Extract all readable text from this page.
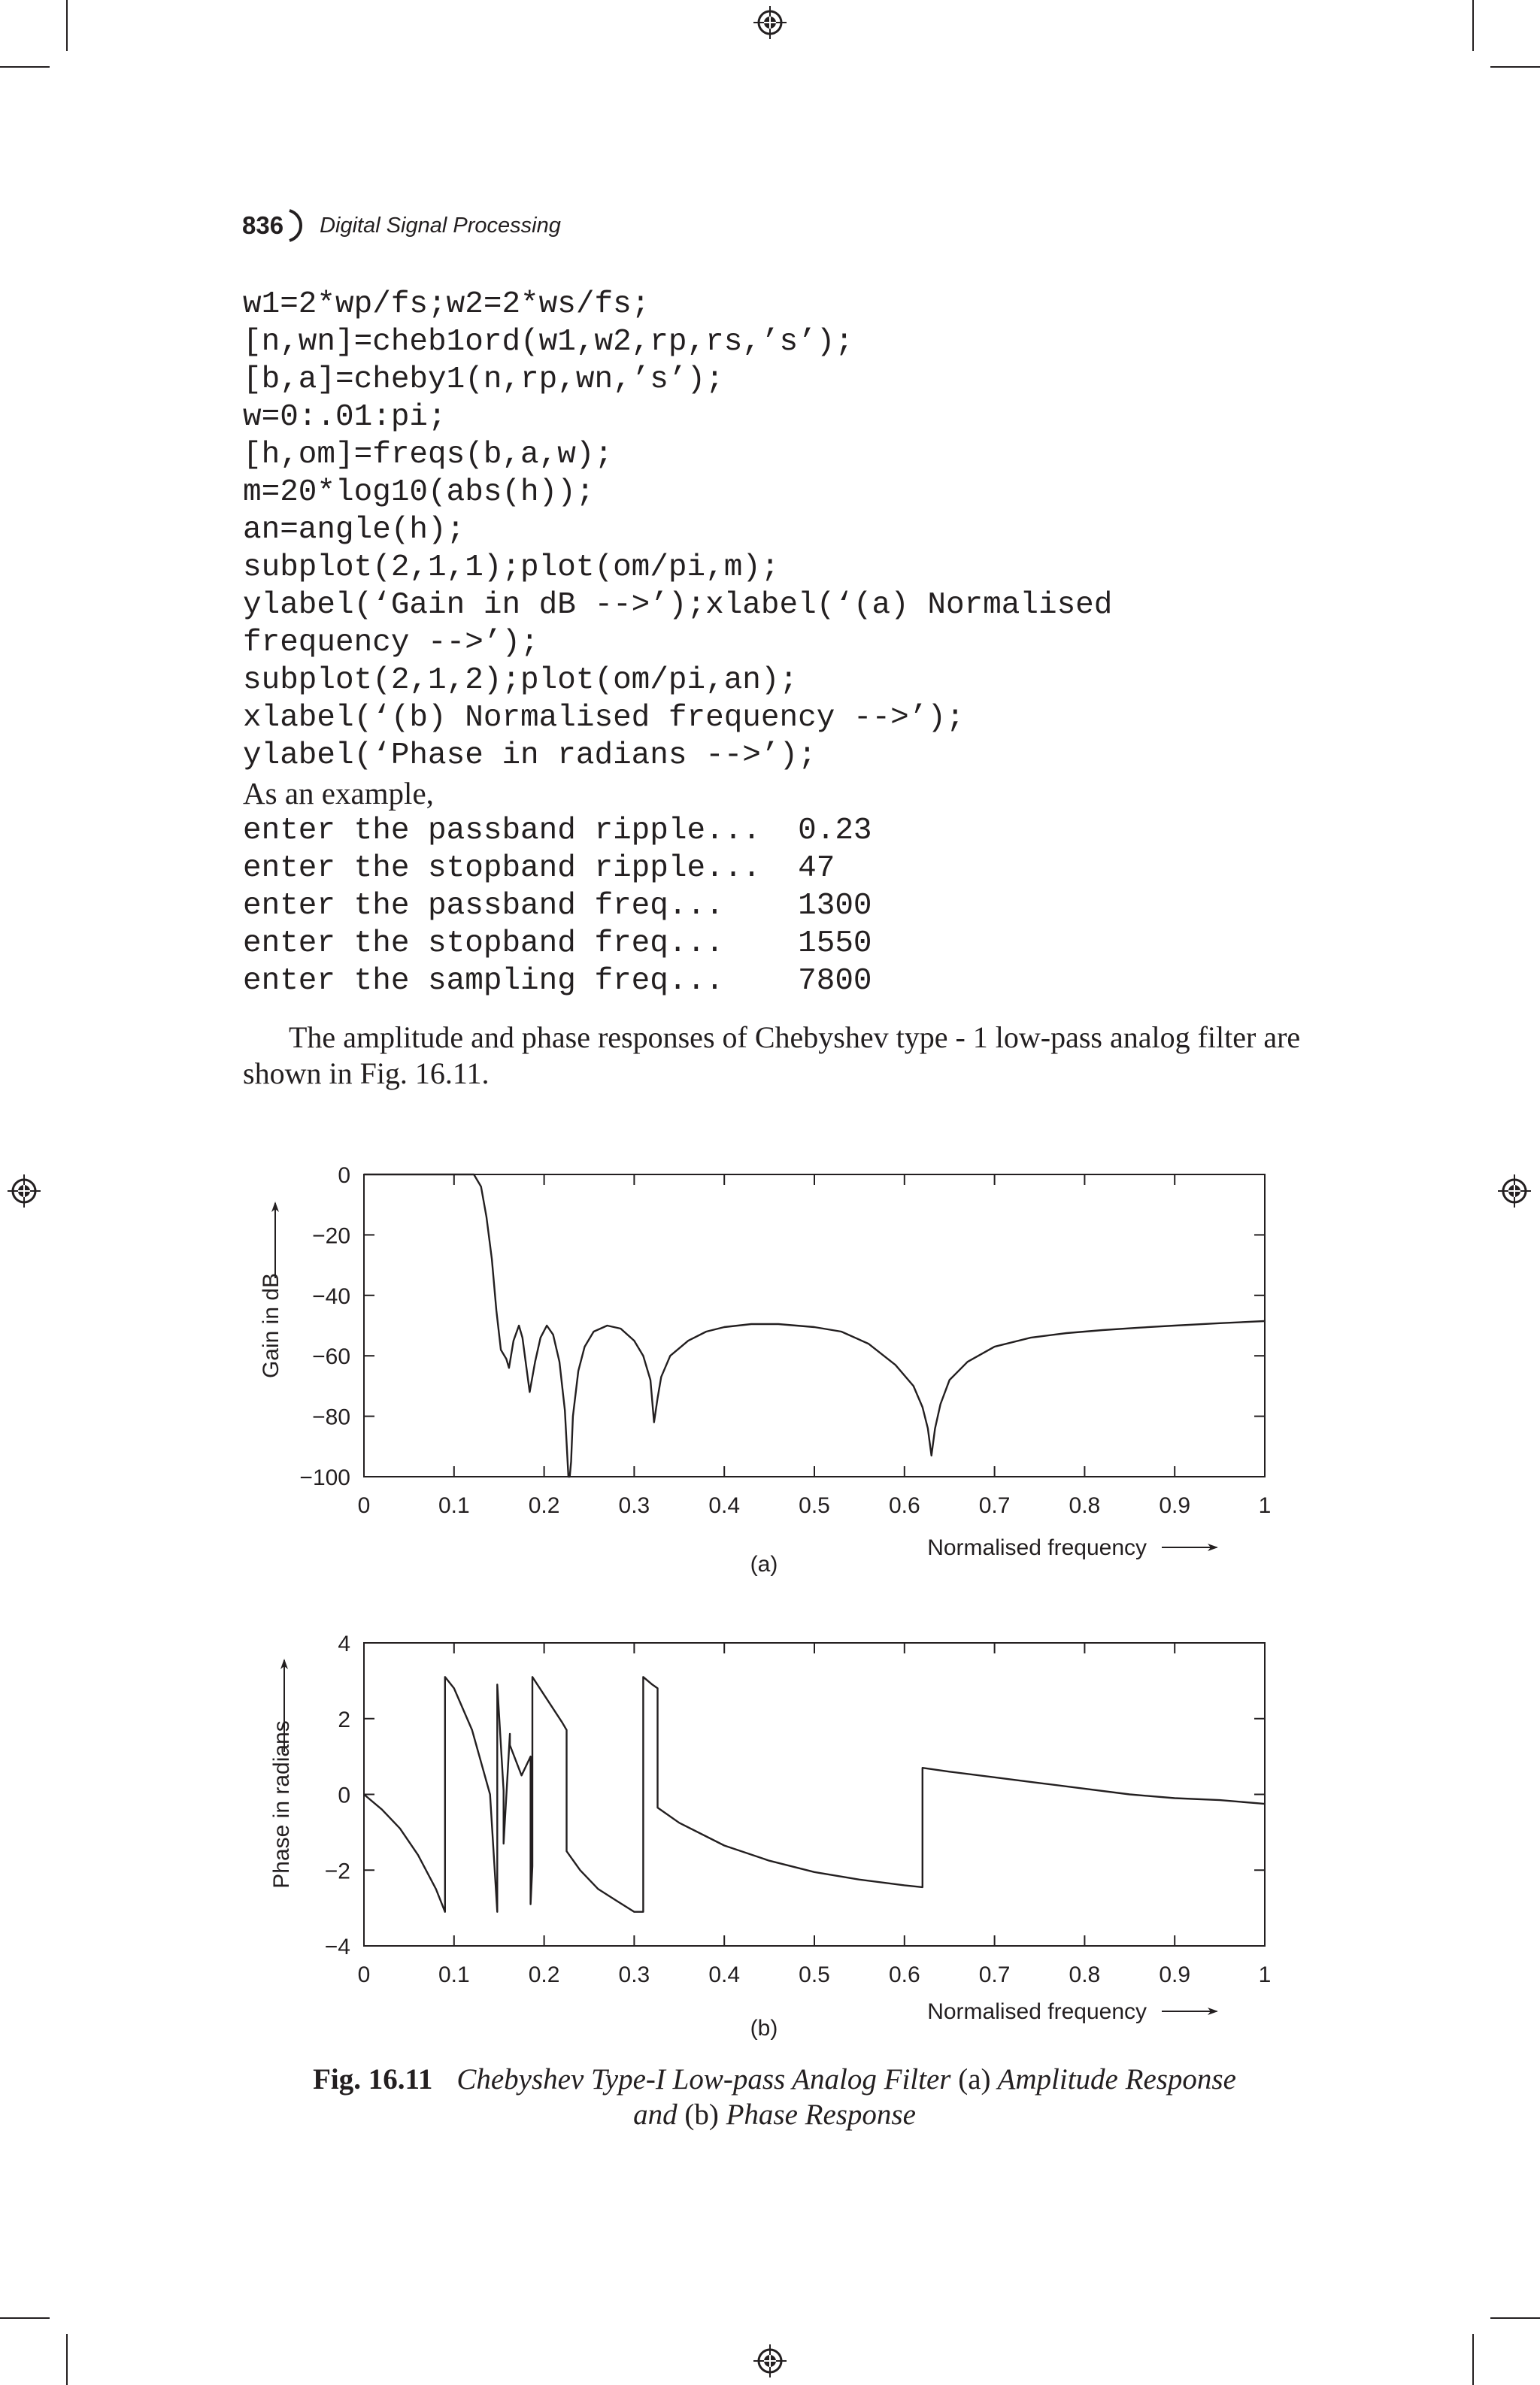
836 Digital Signal Processing
w1=2*wp/fs;w2=2*ws/fs;
[n,wn]=cheb1ord(w1,w2,rp,rs,’s’);
[b,a]=cheby1(n,rp,wn,’s’);
w=0:.01:pi;
[h,om]=freqs(b,a,w);
m=20*log10(abs(h));
an=angle(h);
subplot(2,1,1);plot(om/pi,m);
ylabel(‘Gain in dB -->’);xlabel(‘(a) Normalised
frequency -->’);
subplot(2,1,2);plot(om/pi,an);
xlabel(‘(b) Normalised frequency -->’);
ylabel(‘Phase in radians -->’);
As an example,
enter the passband ripple...  0.23
enter the stopband ripple...  47
enter the passband freq...    1300
enter the stopband freq...    1550
enter the sampling freq...    7800
The amplitude and phase responses of Chebyshev type - 1 low-pass analog filter are shown in Fig. 16.11.
0	0.1	0.2	0.3	0.4	0.5	0.6	0.7	0.8	0.9	1
0
−20
−40
−60
−80
−100
Gain in dB
Normalised frequency
(a)
0	0.1	0.2	0.3	0.4	0.5	0.6	0.7	0.8	0.9	1
4
2
0
−2
−4
Phase in radians
Normalised frequency
(b)
Fig. 16.11 Chebyshev Type-I Low-pass Analog Filter (a) Amplitude Response
and (b) Phase Response
